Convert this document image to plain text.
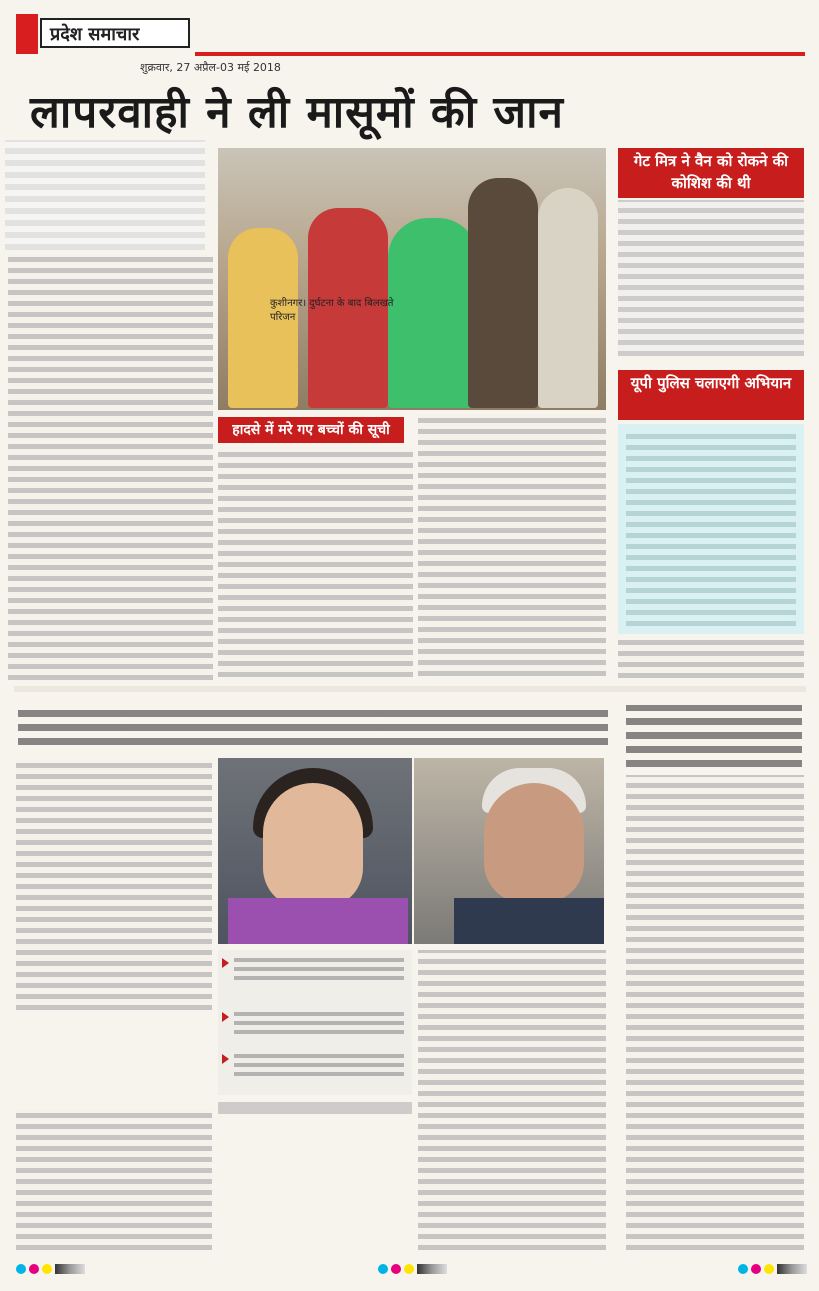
प्रदेश समाचार
लापरवाही ने ली मासूमों की जान
शुक्रवार, 27 अप्रैल-03 मई 2018
कुशीनगर। दुर्घटना के बाद बिलखते परिजन
हादसे में मरे गए बच्चों की सूची
गेट मित्र ने वैन को रोकने की कोशिश की थी
यूपी पुलिस चलाएगी अभियान
